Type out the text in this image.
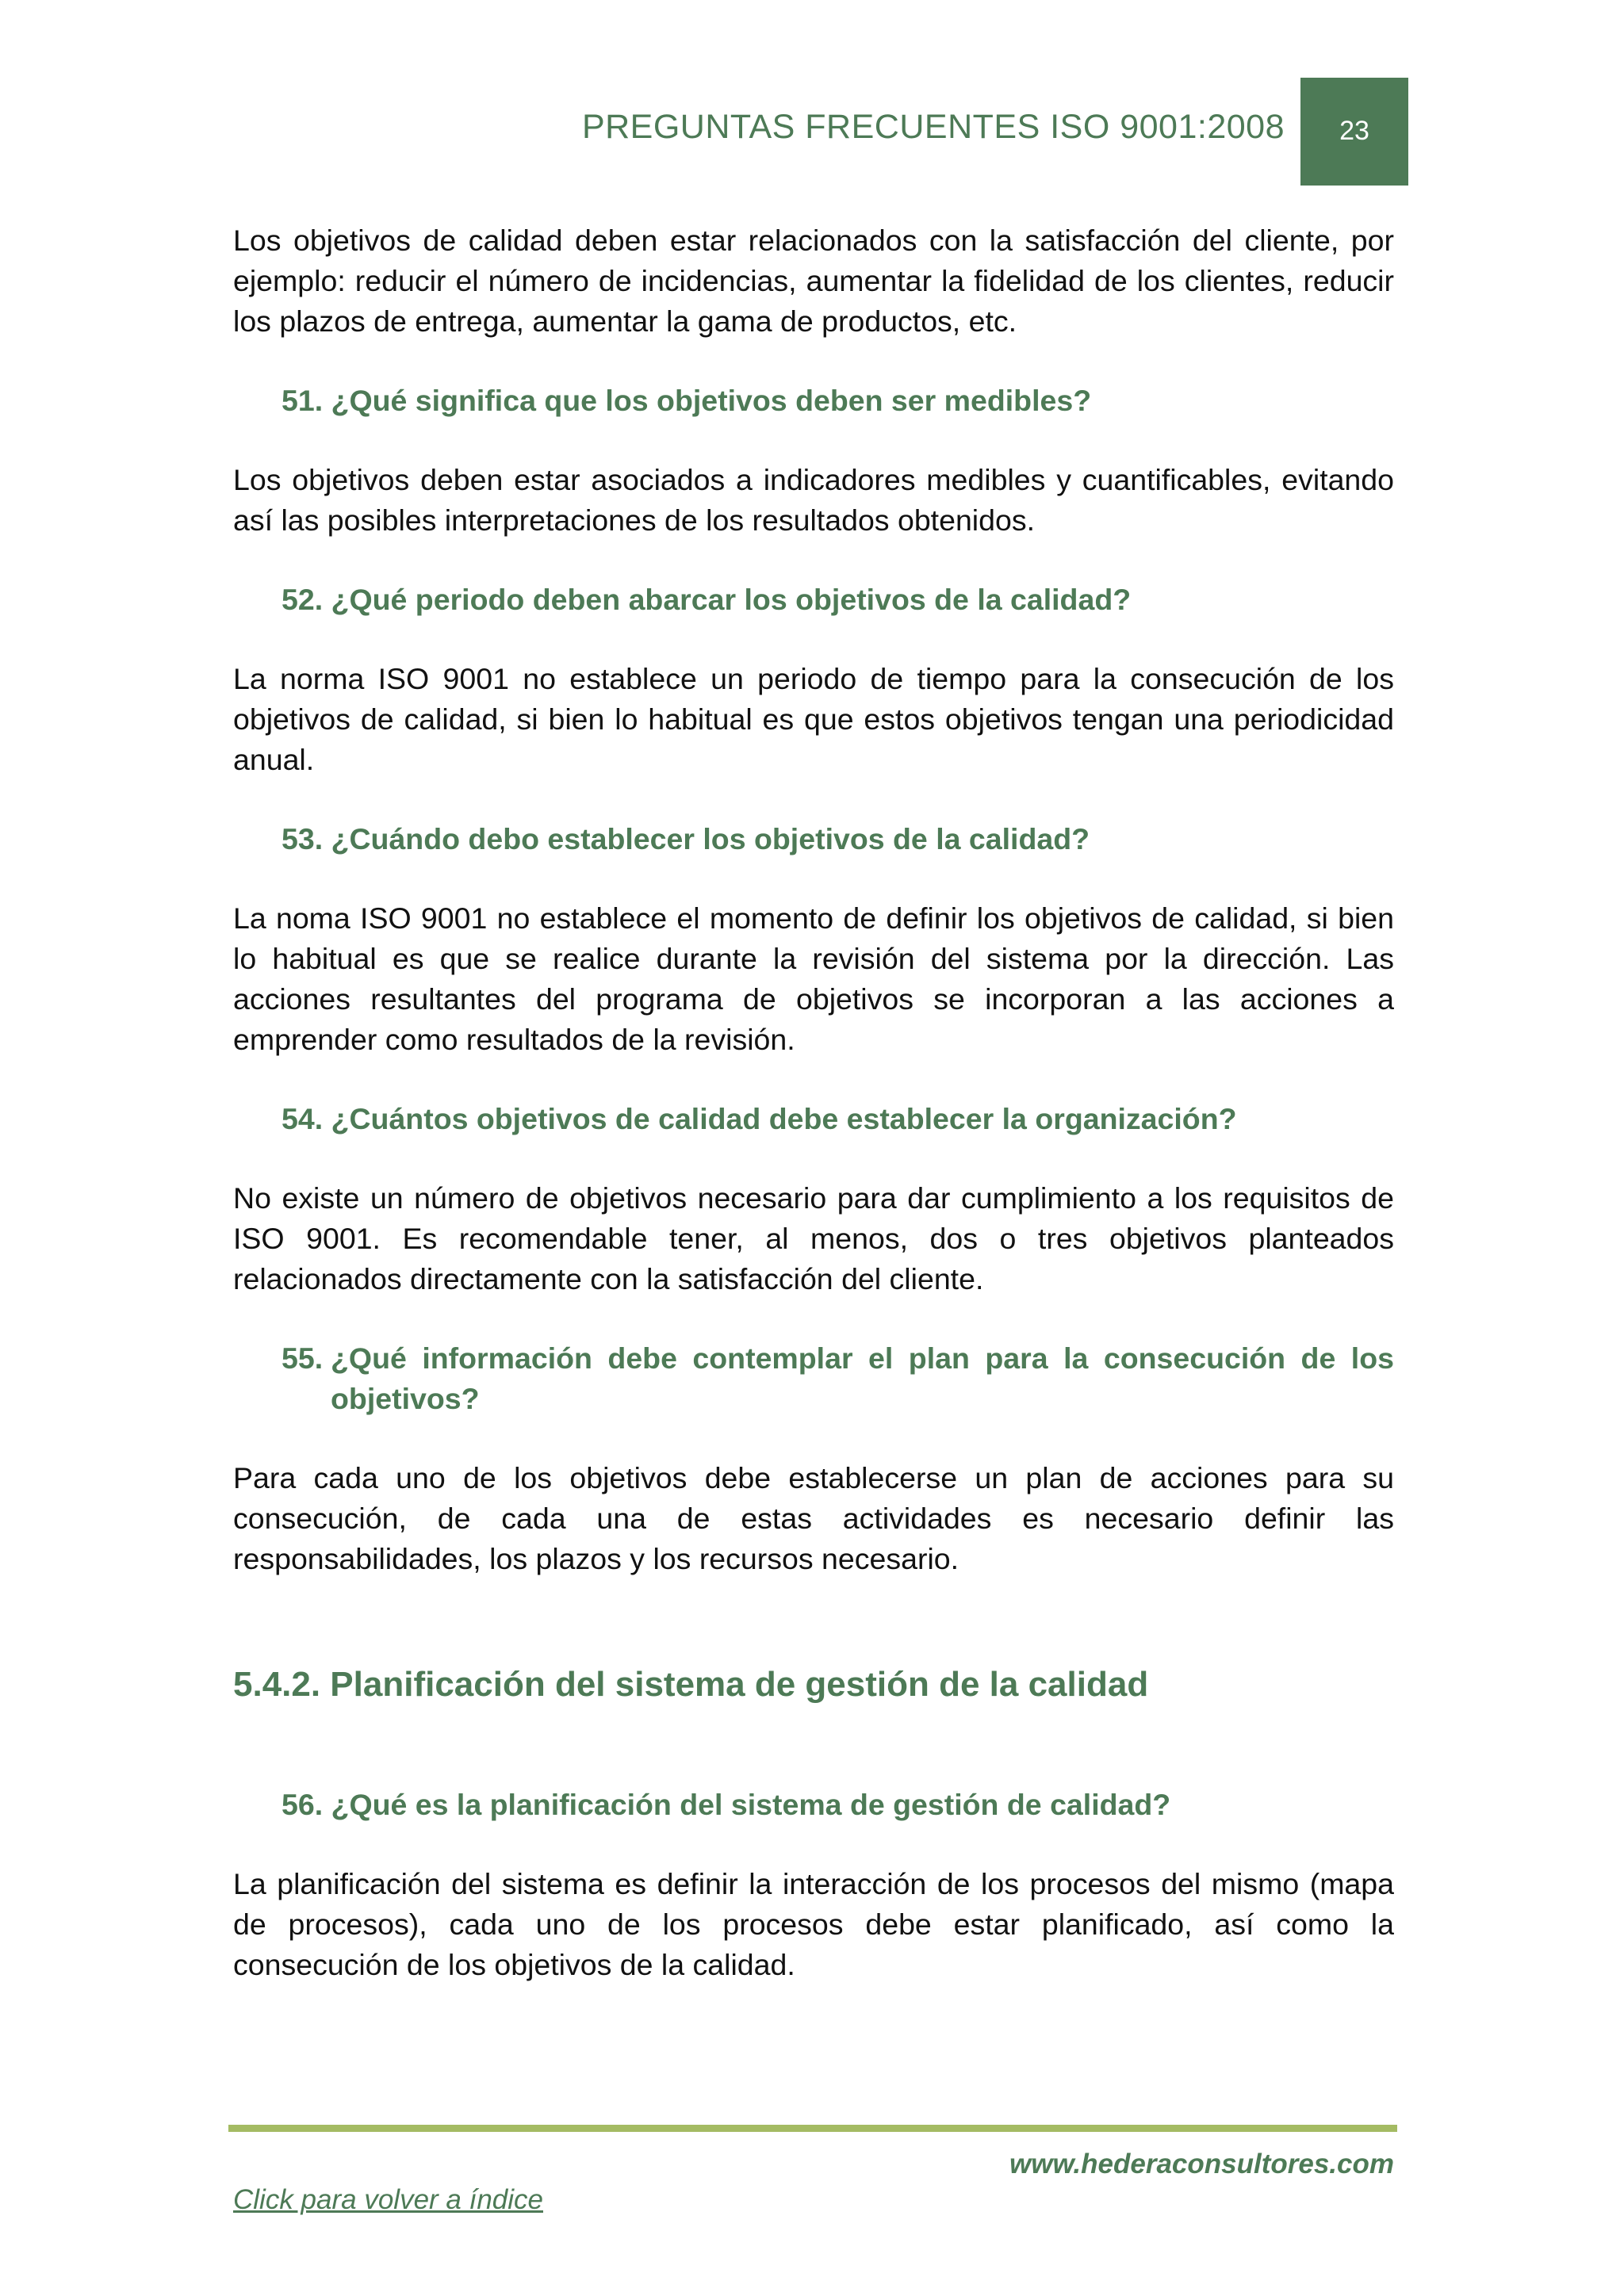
PREGUNTAS FRECUENTES ISO 9001:2008 23

Los objetivos de calidad deben estar relacionados con la satisfacción del cliente, por ejemplo: reducir el número de incidencias, aumentar la fidelidad de los clientes, reducir los plazos de entrega, aumentar la gama de productos, etc.

51. ¿Qué significa que los objetivos deben ser medibles?

Los objetivos deben estar asociados a indicadores medibles y cuantificables, evitando así las posibles interpretaciones de los resultados obtenidos.

52. ¿Qué periodo deben abarcar los objetivos de la calidad?

La norma ISO 9001 no establece un periodo de tiempo para la consecución de los objetivos de calidad, si bien lo habitual es que estos objetivos tengan una periodicidad anual.

53. ¿Cuándo debo establecer los objetivos de la calidad?

La noma ISO 9001 no establece el momento de definir los objetivos de calidad, si bien lo habitual es que se realice durante la revisión del sistema por la dirección. Las acciones resultantes del programa de objetivos se incorporan a las acciones a emprender como resultados de la revisión.

54. ¿Cuántos objetivos de calidad debe establecer la organización?

No existe un número de objetivos necesario para dar cumplimiento a los requisitos de ISO 9001. Es recomendable tener, al menos, dos o tres objetivos planteados relacionados directamente con la satisfacción del cliente.

55. ¿Qué información debe contemplar el plan para la consecución de los objetivos?

Para cada uno de los objetivos debe establecerse un plan de acciones para su consecución, de cada una de estas actividades es necesario definir las responsabilidades, los plazos y los recursos necesario.

5.4.2. Planificación del sistema de gestión de la calidad

56. ¿Qué es la planificación del sistema de gestión de calidad?

La planificación del sistema es definir la interacción de los procesos del mismo (mapa de procesos), cada uno de los procesos debe estar planificado, así como la consecución de los objetivos de la calidad.

www.hederaconsultores.com
Click para volver a índice
